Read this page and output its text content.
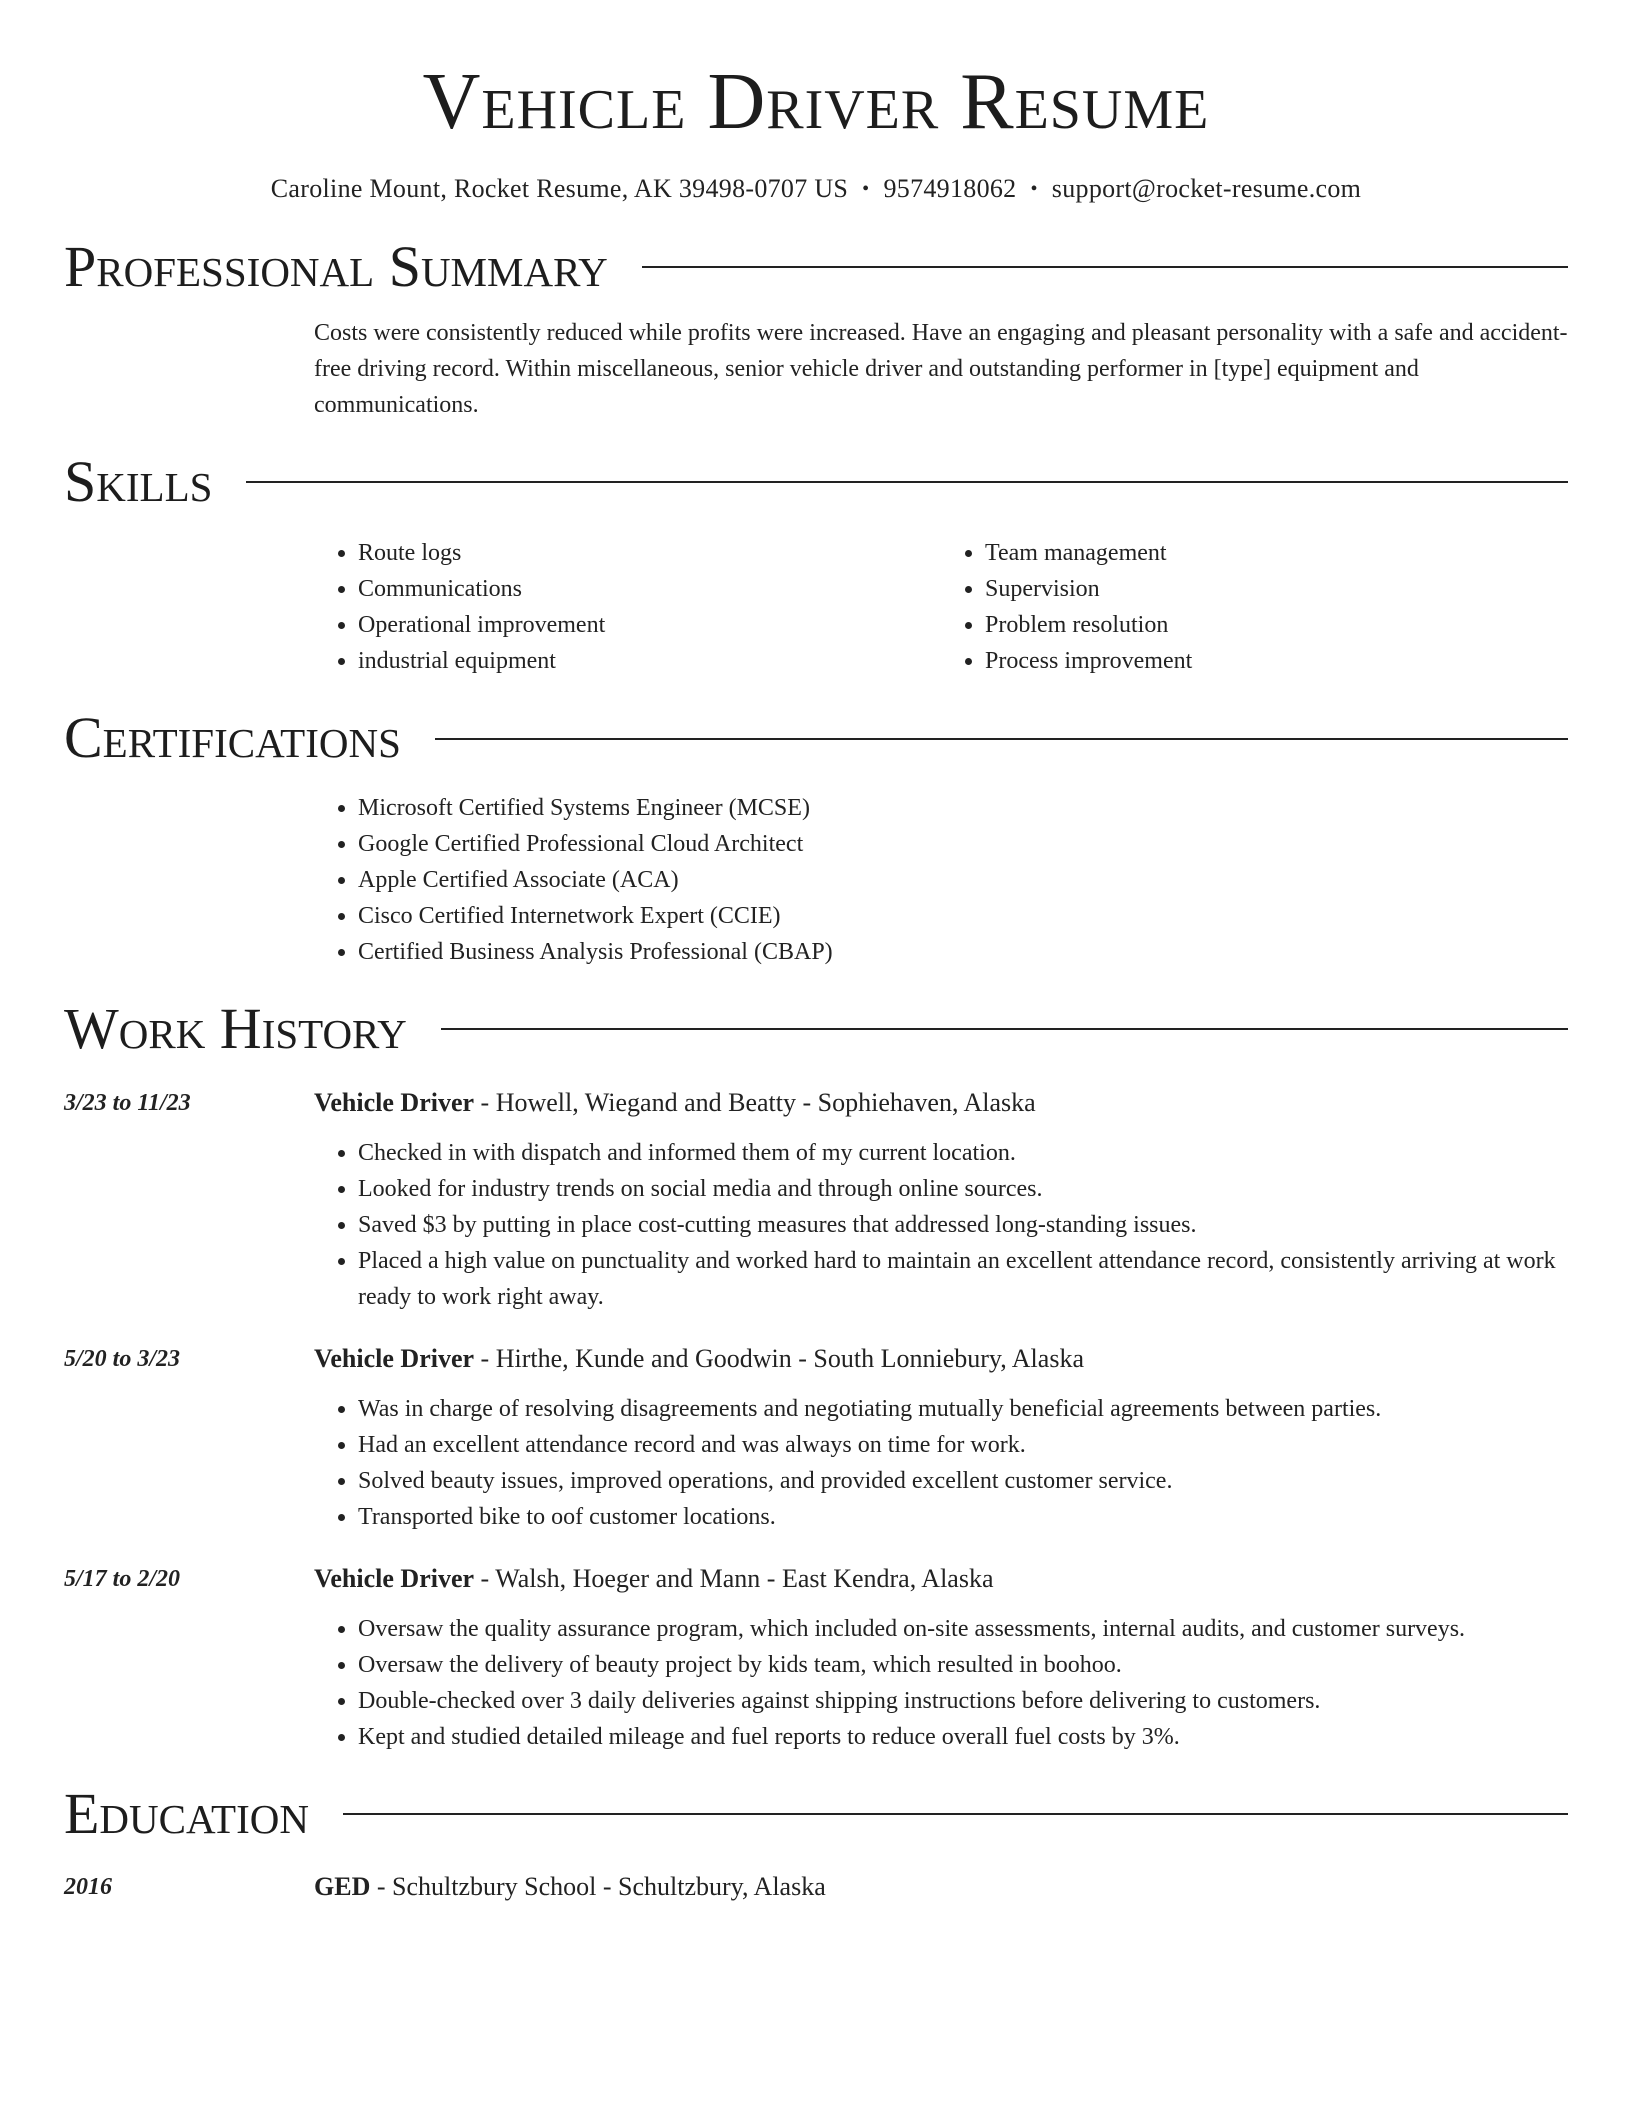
Vehicle Driver Resume
Caroline Mount, Rocket Resume, AK 39498-0707 US • 9574918062 • support@rocket-resume.com
Professional Summary
Costs were consistently reduced while profits were increased. Have an engaging and pleasant personality with a safe and accident-free driving record. Within miscellaneous, senior vehicle driver and outstanding performer in [type] equipment and communications.
Skills
• Route logs
• Communications
• Operational improvement
• industrial equipment
• Team management
• Supervision
• Problem resolution
• Process improvement
Certifications
• Microsoft Certified Systems Engineer (MCSE)
• Google Certified Professional Cloud Architect
• Apple Certified Associate (ACA)
• Cisco Certified Internetwork Expert (CCIE)
• Certified Business Analysis Professional (CBAP)
Work History
3/23 to 11/23	Vehicle Driver - Howell, Wiegand and Beatty - Sophiehaven, Alaska
• Checked in with dispatch and informed them of my current location.
• Looked for industry trends on social media and through online sources.
• Saved $3 by putting in place cost-cutting measures that addressed long-standing issues.
• Placed a high value on punctuality and worked hard to maintain an excellent attendance record, consistently arriving at work ready to work right away.
5/20 to 3/23	Vehicle Driver - Hirthe, Kunde and Goodwin - South Lonniebury, Alaska
• Was in charge of resolving disagreements and negotiating mutually beneficial agreements between parties.
• Had an excellent attendance record and was always on time for work.
• Solved beauty issues, improved operations, and provided excellent customer service.
• Transported bike to oof customer locations.
5/17 to 2/20	Vehicle Driver - Walsh, Hoeger and Mann - East Kendra, Alaska
• Oversaw the quality assurance program, which included on-site assessments, internal audits, and customer surveys.
• Oversaw the delivery of beauty project by kids team, which resulted in boohoo.
• Double-checked over 3 daily deliveries against shipping instructions before delivering to customers.
• Kept and studied detailed mileage and fuel reports to reduce overall fuel costs by 3%.
Education
2016	GED - Schultzbury School - Schultzbury, Alaska
